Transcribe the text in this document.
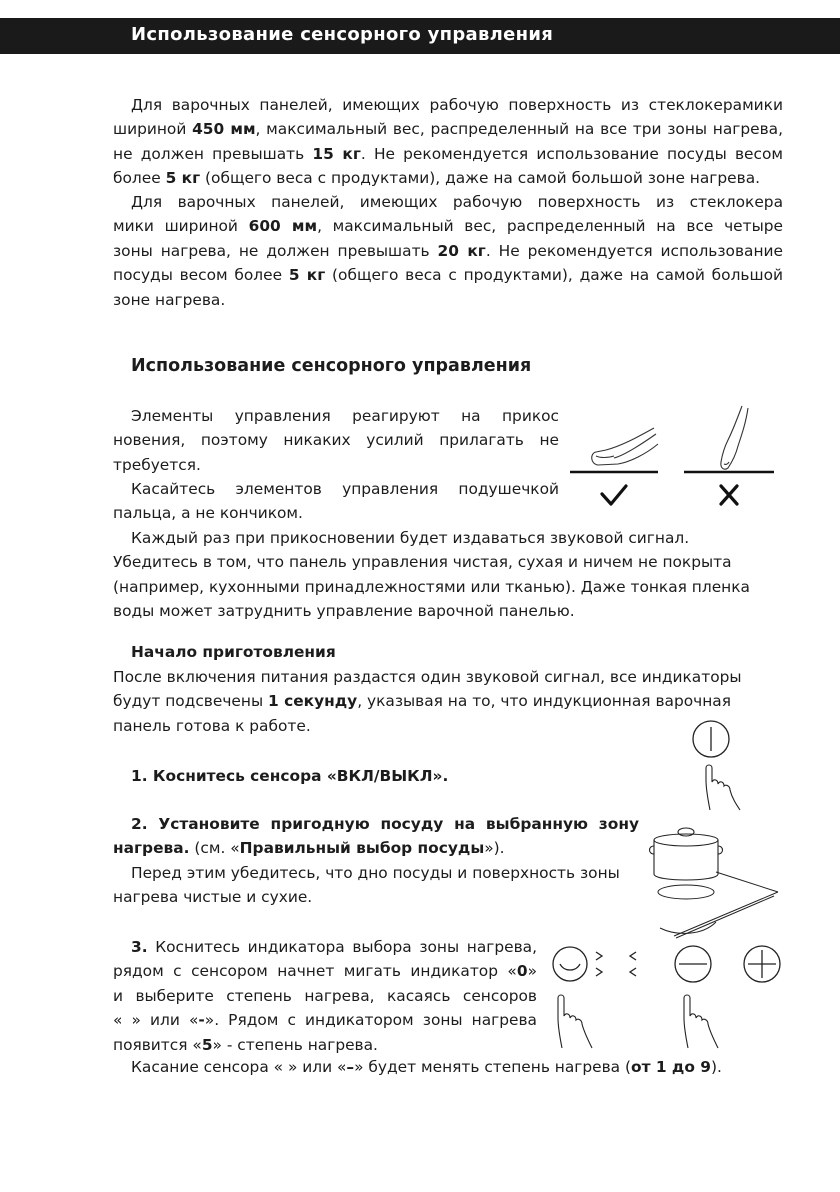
Использование сенсорного управления
Для варочных панелей, имеющих рабочую поверхность из стеклокерамики
шириной 450 мм, максимальный вес, распределенный на все три зоны нагрева,
не должен превышать 15 кг. Не рекомендуется использование посуды весом
более 5 кг (общего веса с продуктами), даже на самой большой зоне нагрева.
Для варочных панелей, имеющих рабочую поверхность из стеклокера
мики шириной 600 мм, максимальный вес, распределенный на все четыре
зоны нагрева, не должен превышать 20 кг. Не рекомендуется использование
посуды весом более 5 кг (общего веса с продуктами), даже на самой большой
зоне нагрева.
Использование сенсорного управления
Элементы управления реагируют на прикос
новения, поэтому никаких усилий прилагать не
требуется.
Касайтесь элементов управления подушечкой
пальца, а не кончиком.
Каждый раз при прикосновении будет издаваться звуковой сигнал.
Убедитесь в том, что панель управления чистая, сухая и ничем не покрыта
(например, кухонными принадлежностями или тканью). Даже тонкая пленка
воды может затруднить управление варочной панелью.
Начало приготовления
После включения питания раздастся один звуковой сигнал, все индикаторы
будут подсвечены 1 секунду, указывая на то, что индукционная варочная
панель готова к работе.
1. Коснитесь сенсора «ВКЛ/ВЫКЛ».
2. Установите пригодную посуду на выбранную зону
нагрева. (см. «Правильный выбор посуды»).
Перед этим убедитесь, что дно посуды и поверхность зоны
нагрева чистые и сухие.
3. Коснитесь индикатора выбора зоны нагрева,
рядом с сенсором начнет мигать индикатор «0»
и выберите степень нагрева, касаясь сенсоров
« » или «-». Рядом с индикатором зоны нагрева
появится «5» - степень нагрева.
Касание сенсора « » или «–» будет менять степень нагрева (от 1 до 9).
